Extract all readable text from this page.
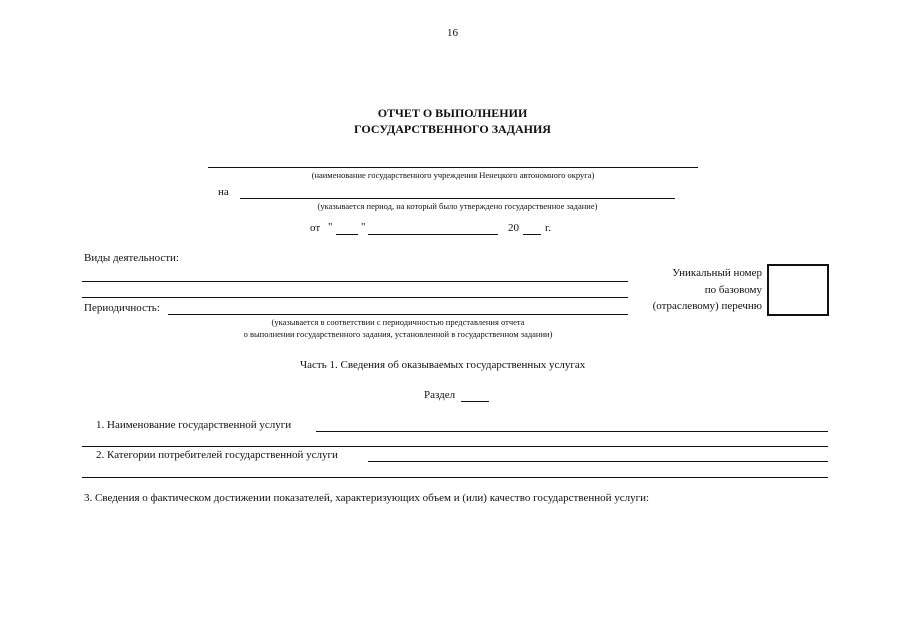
16
ОТЧЕТ О ВЫПОЛНЕНИИ
ГОСУДАРСТВЕННОГО ЗАДАНИЯ
(наименование государственного учреждения Ненецкого автономного округа)
на
(указывается период, на который было утверждено государственное задание)
от "	"	20 г.
Виды деятельности:
Периодичность:
(указывается в соответствии с периодичностью представления отчета
о выполнении государственного задания, установленной в государственном задании)
Уникальный номер
по базовому
(отраслевому) перечню
Часть 1. Сведения об оказываемых государственных услугах
Раздел
1. Наименование государственной услуги
2. Категории потребителей государственной услуги
3. Сведения о фактическом достижении показателей, характеризующих объем и (или) качество государственной услуги:
